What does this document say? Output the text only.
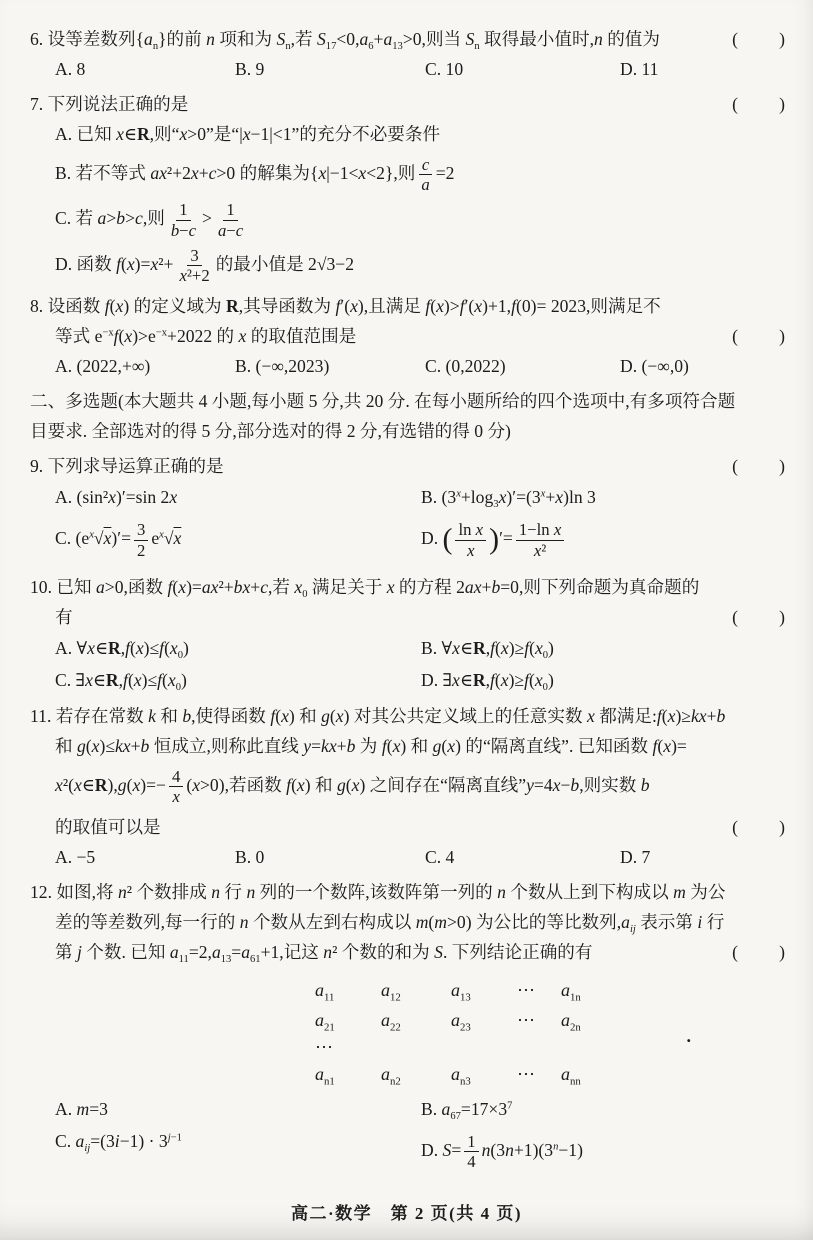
6. 设等差数列$\{a_n\}$的前 n 项和为 $S_n$,若 $S_{17}<0,a_6+a_{13}>0$,则当 $S_n$ 取得最小值时,n 的值为	(　　)
A. 8	B. 9	C. 10	D. 11
7. 下列说法正确的是	(　　)
A. 已知 x∈R,则“x>0”是“|x−1|<1”的充分不必要条件
B. 若不等式 ax²+2x+c>0 的解集为{x|−1<x<2},则 $\frac{c}{a} =2$
C. 若 a>b>c,则 $\frac{1}{b-c} > \frac{1}{a-c}$
D. 函数 $f(x)=x^2+ \frac{3}{\text{x²+2}}$ 的最小值是 2√3−2
8. 设函数 f(x) 的定义域为 R,其导函数为 f′(x),且满足 f(x)>f′(x)+1,f(0)= 2023,则满足不
等式 $e^{-x}f(x)>e^{-x}+2022$ 的 x 的取值范围是	(　　)
A. (2022,+∞)	B. (−∞,2023)	C. (0,2022)	D. (−∞,0)
二、多选题(本大题共 4 小题,每小题 5 分,共 20 分. 在每小题所给的四个选项中,有多项符合题
目要求. 全部选对的得 5 分,部分选对的得 2 分,有选错的得 0 分)
9. 下列求导运算正确的是	(　　)
A. (sin²x)′=sin 2x	B. $(3^x+\log_3x)'=(3^x+x)\ln$ 3
C. $(e^x√x)'= \frac{3}{2} e^x√x$	D. ( $\frac{\text{ln x}}{x}$ )′= $\frac{\text{1−ln x}}{\text{x²}}$
10. 已知 a>0,函数 f(x)=ax²+bx+c,若 $x_0$ 满足关于 x 的方程 2ax+b=0,则下列命题为真命题的
有	(　　)
A. $\forall x\in R,f(x)\le f(x_0)$	B. $\forall x\in R,f(x)\ge f(x_0)$
C. $\exists x\in R,f(x)\le f(x_0)$	D. $\exists x\in R,f(x)\ge f(x_0)$
11. 若存在常数 k 和 b,使得函数 f(x) 和 g(x) 对其公共定义域上的任意实数 x 都满足:f(x)≥kx+b
和 g(x)≤kx+b 恒成立,则称此直线 y=kx+b 为 f(x) 和 g(x) 的“隔离直线”. 已知函数 f(x)=
x²(x∈R),g(x)=− $\frac{4}{x} (x>0)$,若函数 f(x) 和 g(x) 之间存在“隔离直线”y=4x−b,则实数 b
的取值可以是	(　　)
A. −5	B. 0	C. 4	D. 7
12. 如图,将 n² 个数排成 n 行 n 列的一个数阵,该数阵第一列的 n 个数从上到下构成以 m 为公
差的等差数列,每一行的 n 个数从左到右构成以 m(m>0) 为公比的等比数列$,a_{ij}$ 表示第 i 行
第 j 个数. 已知 $a_{11}=2,a_{13}=a_{61}+1$,记这 n² 个数的和为 S. 下列结论正确的有	(　　)
$a_{11}$	$a_{12}$	$a_{13}$	⋯	$a_{1n}$
$a_{21}$	$a_{22}$	$a_{23}$	⋯	$a_{2n}$
⋯
$a_{n1}$	$a_{n2}$	$a_{n3}$	⋯	$a_{nn}$
.
A. m=3	B. $a_{67}=17\times 3^7$
C. $a_{ij}=(3i-1) \cdot 3^{j-1}$
D. $S= \frac{1}{4} n(3n+1)(3^n-1)$
高二·数学　第 2 页(共 4 页)
